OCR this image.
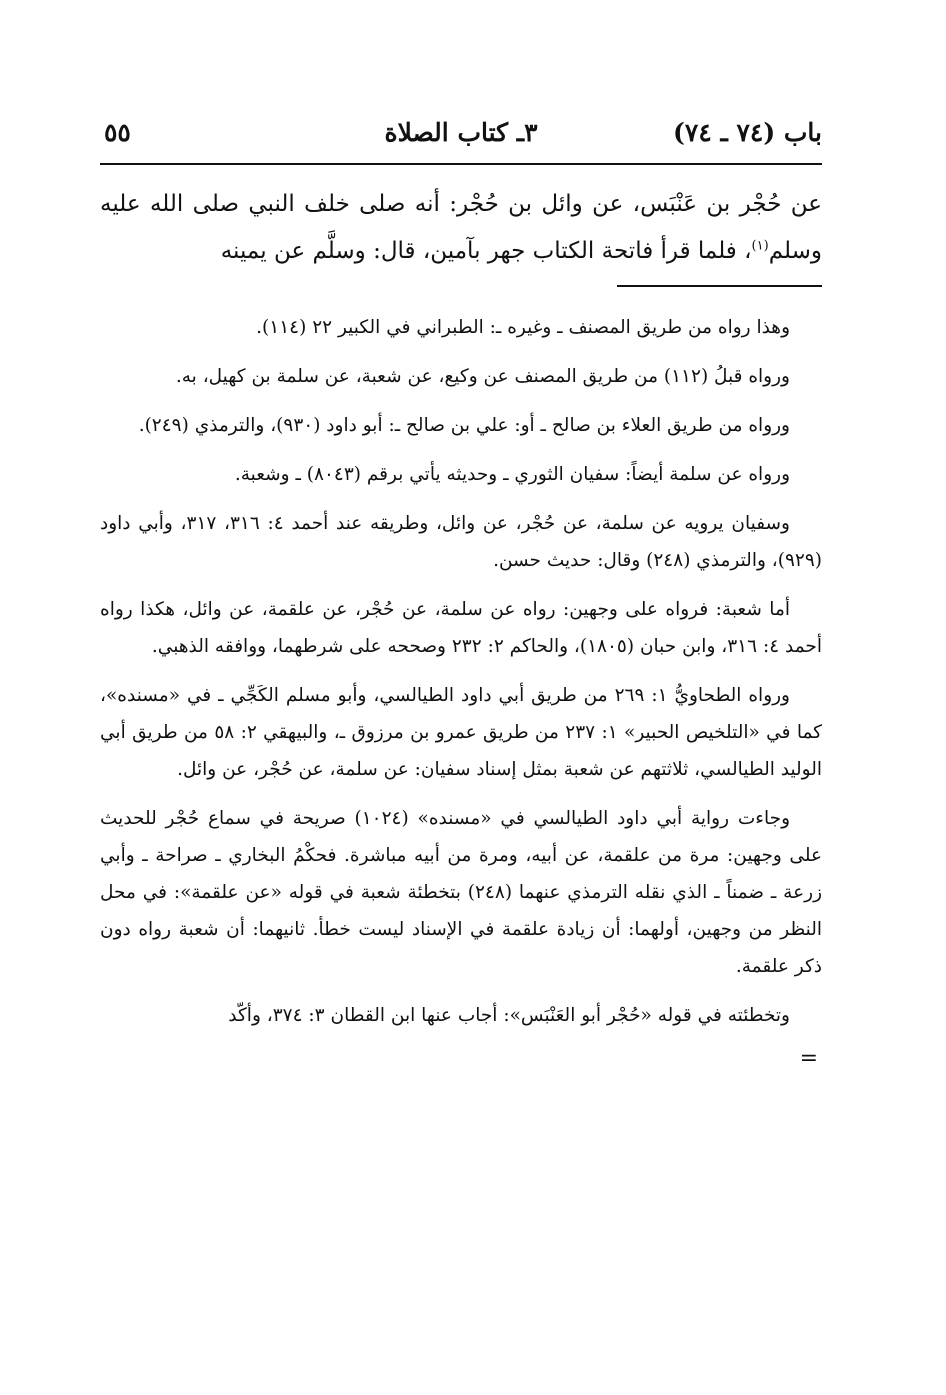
باب (٧٤ ـ ٧٤)
٣ـ كتاب الصلاة
٥٥
عن حُجْر بن عَنْبَس، عن وائل بن حُجْر: أنه صلى خلف النبي صلى الله عليه وسلم$^{(١)}$، فلما قرأ فاتحة الكتاب جهر بآمين، قال: وسلَّم عن يمينه

وهذا رواه من طريق المصنف ـ وغيره ـ: الطبراني في الكبير ٢٢ (١١٤).

ورواه قبلُ (١١٢) من طريق المصنف عن وكيع، عن شعبة، عن سلمة بن كهيل، به.

ورواه من طريق العلاء بن صالح ـ أو: علي بن صالح ـ: أبو داود (٩٣٠)، والترمذي (٢٤٩).

ورواه عن سلمة أيضاً: سفيان الثوري ـ وحديثه يأتي برقم (٨٠٤٣) ـ وشعبة.

وسفيان يرويه عن سلمة، عن حُجْر، عن وائل، وطريقه عند أحمد ٤: ٣١٦، ٣١٧، وأبي داود (٩٢٩)، والترمذي (٢٤٨) وقال: حديث حسن.

أما شعبة: فرواه على وجهين: رواه عن سلمة، عن حُجْر، عن علقمة، عن وائل، هكذا رواه أحمد ٤: ٣١٦، وابن حبان (١٨٠٥)، والحاكم ٢: ٢٣٢ وصححه على شرطهما، ووافقه الذهبي.

ورواه الطحاويُّ ١: ٢٦٩ من طريق أبي داود الطيالسي، وأبو مسلم الكَجِّي ـ في «مسنده»، كما في «التلخيص الحبير» ١: ٢٣٧ من طريق عمرو بن مرزوق ـ، والبيهقي ٢: ٥٨ من طريق أبي الوليد الطيالسي، ثلاثتهم عن شعبة بمثل إسناد سفيان: عن سلمة، عن حُجْر، عن وائل.

وجاءت رواية أبي داود الطيالسي في «مسنده» (١٠٢٤) صريحة في سماع حُجْر للحديث على وجهين: مرة من علقمة، عن أبيه، ومرة من أبيه مباشرة. فحكْمُ البخاري ـ صراحة ـ وأبي زرعة ـ ضمناً ـ الذي نقله الترمذي عنهما (٢٤٨) بتخطئة شعبة في قوله «عن علقمة»: في محل النظر من وجهين، أولهما: أن زيادة علقمة في الإسناد ليست خطأ. ثانيهما: أن شعبة رواه دون ذكر علقمة.

وتخطئته في قوله «حُجْر أبو العَنْبَس»: أجاب عنها ابن القطان ٣: ٣٧٤، وأكّد

=
